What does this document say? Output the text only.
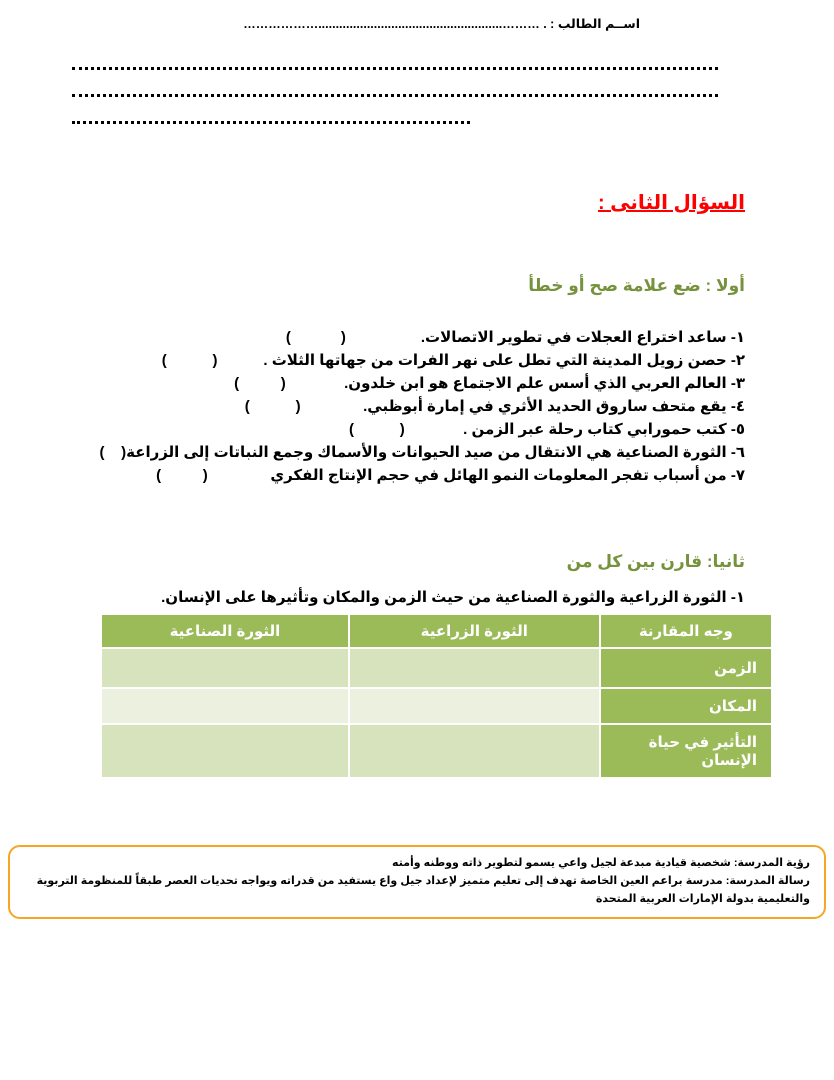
اســم الطالب : . ……….....................................................………………
السؤال الثانى :
أولا : ضع علامة صح أو خطأ
١- ساعد اختراع العجلات في تطوير الاتصالات.                  (            )
٢- حصن زويل المدينة التي تطل على نهر الفرات من جهاتها الثلاث .           (           )
٣- العالم العربي الذي أسس علم الاجتماع هو ابن خلدون.              (          )
٤- يقع متحف ساروق الحديد الأثري في إمارة أبوظبي.               (           )
٥- كتب حمورابي كتاب رحلة عبر الزمن .              (           )
٦- الثورة الصناعية هي الانتقال من صيد الحيوانات والأسماك وجمع النباتات إلى الزراعة(    )
٧- من أسباب تفجر المعلومات النمو الهائل في حجم الإنتاج الفكري               (          )
ثانيا: قارن بين كل من
١- الثورة الزراعية والثورة الصناعية من حيث الزمن والمكان وتأثيرها على الإنسان.
وجه المقارنة	الثورة الزراعية	الثورة الصناعية
الزمن		
المكان		
التأثير في حياة الإنسان		
رؤية المدرسة: شخصية قيادية مبدعة لجيل واعي يسمو لتطوير ذاته ووطنه وأمته
رسالة المدرسة: مدرسة براعم العين الخاصة تهدف إلى تعليم متميز لإعداد جيل واع يستفيد من قدراته ويواجه تحديات العصر طبقاً للمنظومة التربوية والتعليمية بدولة الإمارات العربية المتحدة
